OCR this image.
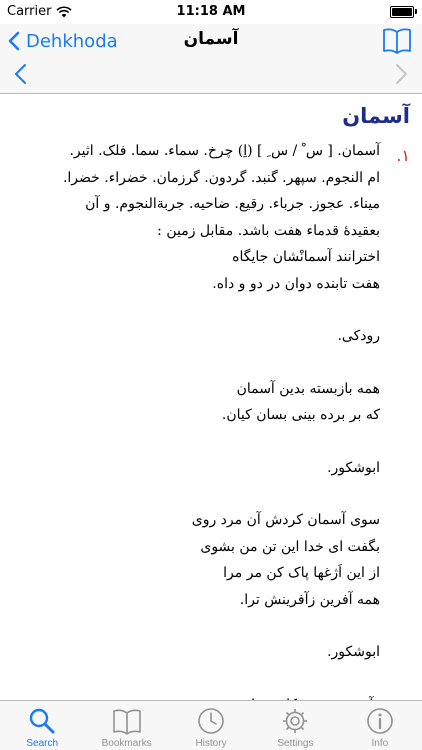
Carrier	11:18 AM
Dehkhoda	آسمان
آسمان
.۱

آسمان. [ س ْ / س ِ ] (اِ) چرخ. سماء. سما. فلک. اثیر.

ام النجوم. سپهر. گنبد. گردون. گرزمان. خضراء. خضرا.

میناء. عجوز. جرباء. رقیع. ضاحیه. جربةالنجوم. و آن

بعقیدهٔ قدماء هفت باشد. مقابل زمین :

اخترانند آسمانْشان جایگاه

هفت تابنده دوان در دو و داه.

رودکی.

همه بازبسته بدین آسمان

که بر برده بینی بسان کیان.

ابوشکور.

سوی آسمان کردش آن مرد روی

بگفت ای خدا این تن من بشوی

از این اَژغها پاک کن مر مرا

همه آفرین زآفرینش ترا.

ابوشکور.

Search	Bookmarks	History	Settings	Info
